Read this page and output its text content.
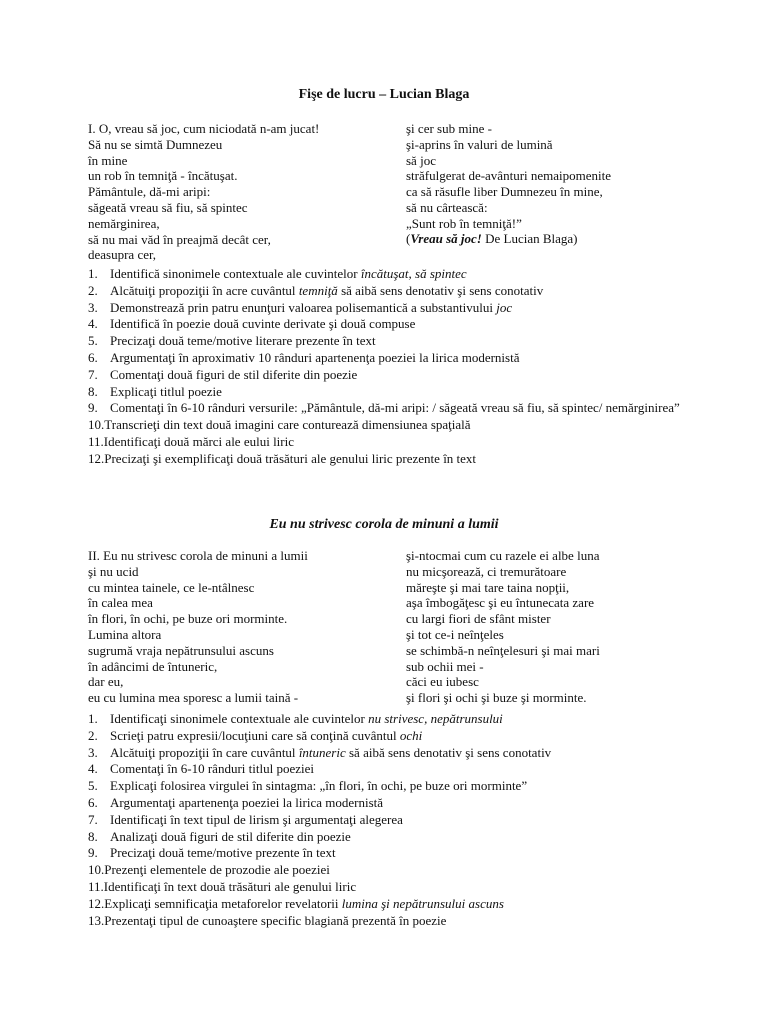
Fişe de lucru – Lucian Blaga
I. O, vreau să joc, cum niciodată n-am jucat!
Să nu se simtă Dumnezeu
în mine
un rob în temniţă - încătuşat.
Pământule, dă-mi aripi:
săgeată vreau să fiu, să spintec
nemărginirea,
să nu mai văd în preajmă decât cer,
deasupra cer,
şi cer sub mine -
şi-aprins în valuri de lumină
să joc
străfulgerat de-avânturi nemaipomenite
ca să răsufle liber Dumnezeu în mine,
să nu cârtească:
„Sunt rob în temniţă!”
(Vreau să joc! De Lucian Blaga)
1. Identifică sinonimele contextuale ale cuvintelor încătuşat, să spintec
2. Alcătuiţi propoziţii în acre cuvântul temniţă să aibă sens denotativ şi sens conotativ
3. Demonstrează prin patru enunţuri valoarea polisemantică a substantivului joc
4. Identifică în poezie două cuvinte derivate şi două compuse
5. Precizaţi două teme/motive literare prezente în text
6. Argumentaţi în aproximativ 10 rânduri apartenenţa poeziei la lirica modernistă
7. Comentaţi două figuri de stil diferite din poezie
8. Explicaţi titlul poezie
9. Comentaţi în 6-10 rânduri versurile: „Pământule, dă-mi aripi: / săgeată vreau să fiu, să spintec/ nemărginirea”
10. Transcrieţi din text două imagini care conturează dimensiunea spaţială
11. Identificaţi două mărci ale eului liric
12. Precizaţi şi exemplificaţi două trăsături ale genului liric prezente în text
Eu nu strivesc corola de minuni a lumii
II. Eu nu strivesc corola de minuni a lumii
şi nu ucid
cu mintea tainele, ce le-ntâlnesc
în calea mea
în flori, în ochi, pe buze ori morminte.
Lumina altora
sugrumă vraja nepătrunsului ascuns
în adâncimi de întuneric,
dar eu,
eu cu lumina mea sporesc a lumii taină -
şi-ntocmai cum cu razele ei albe luna
nu micşorează, ci tremurătoare
măreşte şi mai tare taina nopţii,
aşa îmbogăţesc şi eu întunecata zare
cu largi fiori de sfânt mister
şi tot ce-i neînţeles
se schimbă-n neînţelesuri şi mai mari
sub ochii mei -
căci eu iubesc
şi flori şi ochi şi buze şi morminte.
1. Identificaţi sinonimele contextuale ale cuvintelor nu strivesc, nepătrunsului
2. Scrieţi patru expresii/locuţiuni care să conţină cuvântul ochi
3. Alcătuiţi propoziţii în care cuvântul întuneric să aibă sens denotativ şi sens conotativ
4. Comentaţi în 6-10 rânduri titlul poeziei
5. Explicaţi folosirea virgulei în sintagma: „în flori, în ochi, pe buze ori morminte”
6. Argumentaţi apartenenţa poeziei la lirica modernistă
7. Identificaţi în text tipul de lirism şi argumentaţi alegerea
8. Analizaţi două figuri de stil diferite din poezie
9. Precizaţi două teme/motive prezente în text
10. Prezenţi elementele de prozodie ale poeziei
11. Identificaţi în text două trăsături ale genului liric
12. Explicaţi semnificaţia metaforelor revelatorii lumina şi nepătrunsului ascuns
13. Prezentaţi tipul de cunoaştere specific blagiană prezentă în poezie
